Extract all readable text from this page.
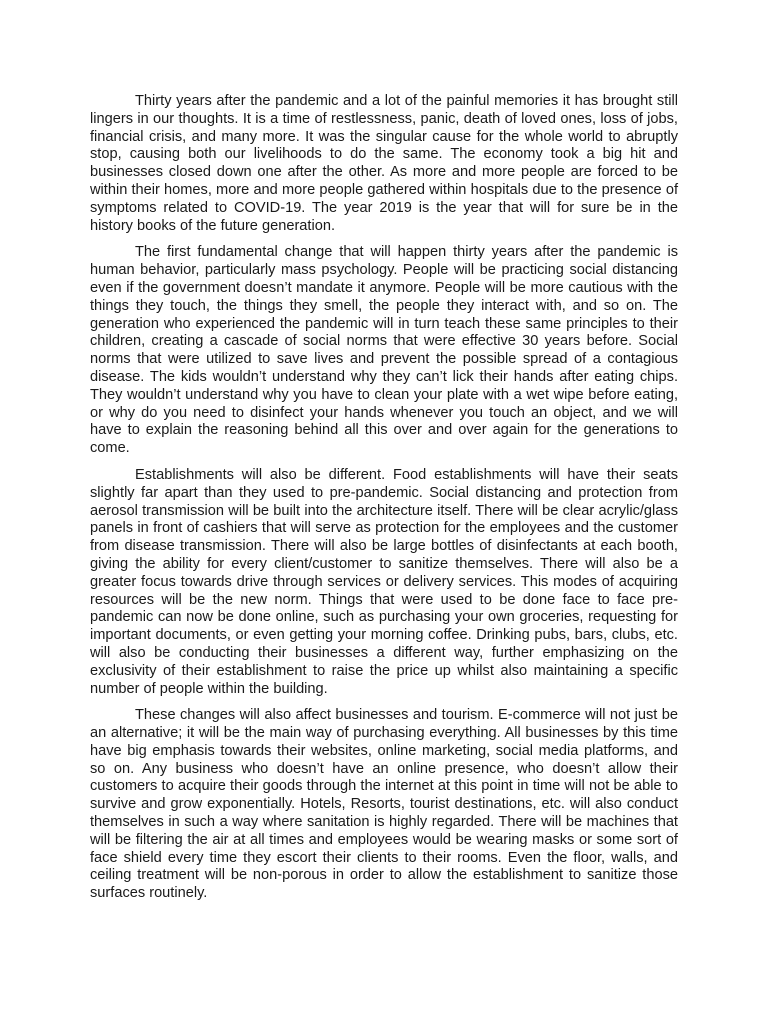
Thirty years after the pandemic and a lot of the painful memories it has brought still lingers in our thoughts. It is a time of restlessness, panic, death of loved ones, loss of jobs, financial crisis, and many more. It was the singular cause for the whole world to abruptly stop, causing both our livelihoods to do the same. The economy took a big hit and businesses closed down one after the other. As more and more people are forced to be within their homes, more and more people gathered within hospitals due to the presence of symptoms related to COVID-19. The year 2019 is the year that will for sure be in the history books of the future generation.

The first fundamental change that will happen thirty years after the pandemic is human behavior, particularly mass psychology. People will be practicing social distancing even if the government doesn’t mandate it anymore. People will be more cautious with the things they touch, the things they smell, the people they interact with, and so on. The generation who experienced the pandemic will in turn teach these same principles to their children, creating a cascade of social norms that were effective 30 years before. Social norms that were utilized to save lives and prevent the possible spread of a contagious disease. The kids wouldn’t understand why they can’t lick their hands after eating chips. They wouldn’t understand why you have to clean your plate with a wet wipe before eating, or why do you need to disinfect your hands whenever you touch an object, and we will have to explain the reasoning behind all this over and over again for the generations to come.

Establishments will also be different. Food establishments will have their seats slightly far apart than they used to pre-pandemic. Social distancing and protection from aerosol transmission will be built into the architecture itself. There will be clear acrylic/glass panels in front of cashiers that will serve as protection for the employees and the customer from disease transmission. There will also be large bottles of disinfectants at each booth, giving the ability for every client/customer to sanitize themselves. There will also be a greater focus towards drive through services or delivery services. This modes of acquiring resources will be the new norm. Things that were used to be done face to face pre-pandemic can now be done online, such as purchasing your own groceries, requesting for important documents, or even getting your morning coffee. Drinking pubs, bars, clubs, etc. will also be conducting their businesses a different way, further emphasizing on the exclusivity of their establishment to raise the price up whilst also maintaining a specific number of people within the building.

These changes will also affect businesses and tourism. E-commerce will not just be an alternative; it will be the main way of purchasing everything. All businesses by this time have big emphasis towards their websites, online marketing, social media platforms, and so on. Any business who doesn’t have an online presence, who doesn’t allow their customers to acquire their goods through the internet at this point in time will not be able to survive and grow exponentially. Hotels, Resorts, tourist destinations, etc. will also conduct themselves in such a way where sanitation is highly regarded. There will be machines that will be filtering the air at all times and employees would be wearing masks or some sort of face shield every time they escort their clients to their rooms. Even the floor, walls, and ceiling treatment will be non-porous in order to allow the establishment to sanitize those surfaces routinely.
